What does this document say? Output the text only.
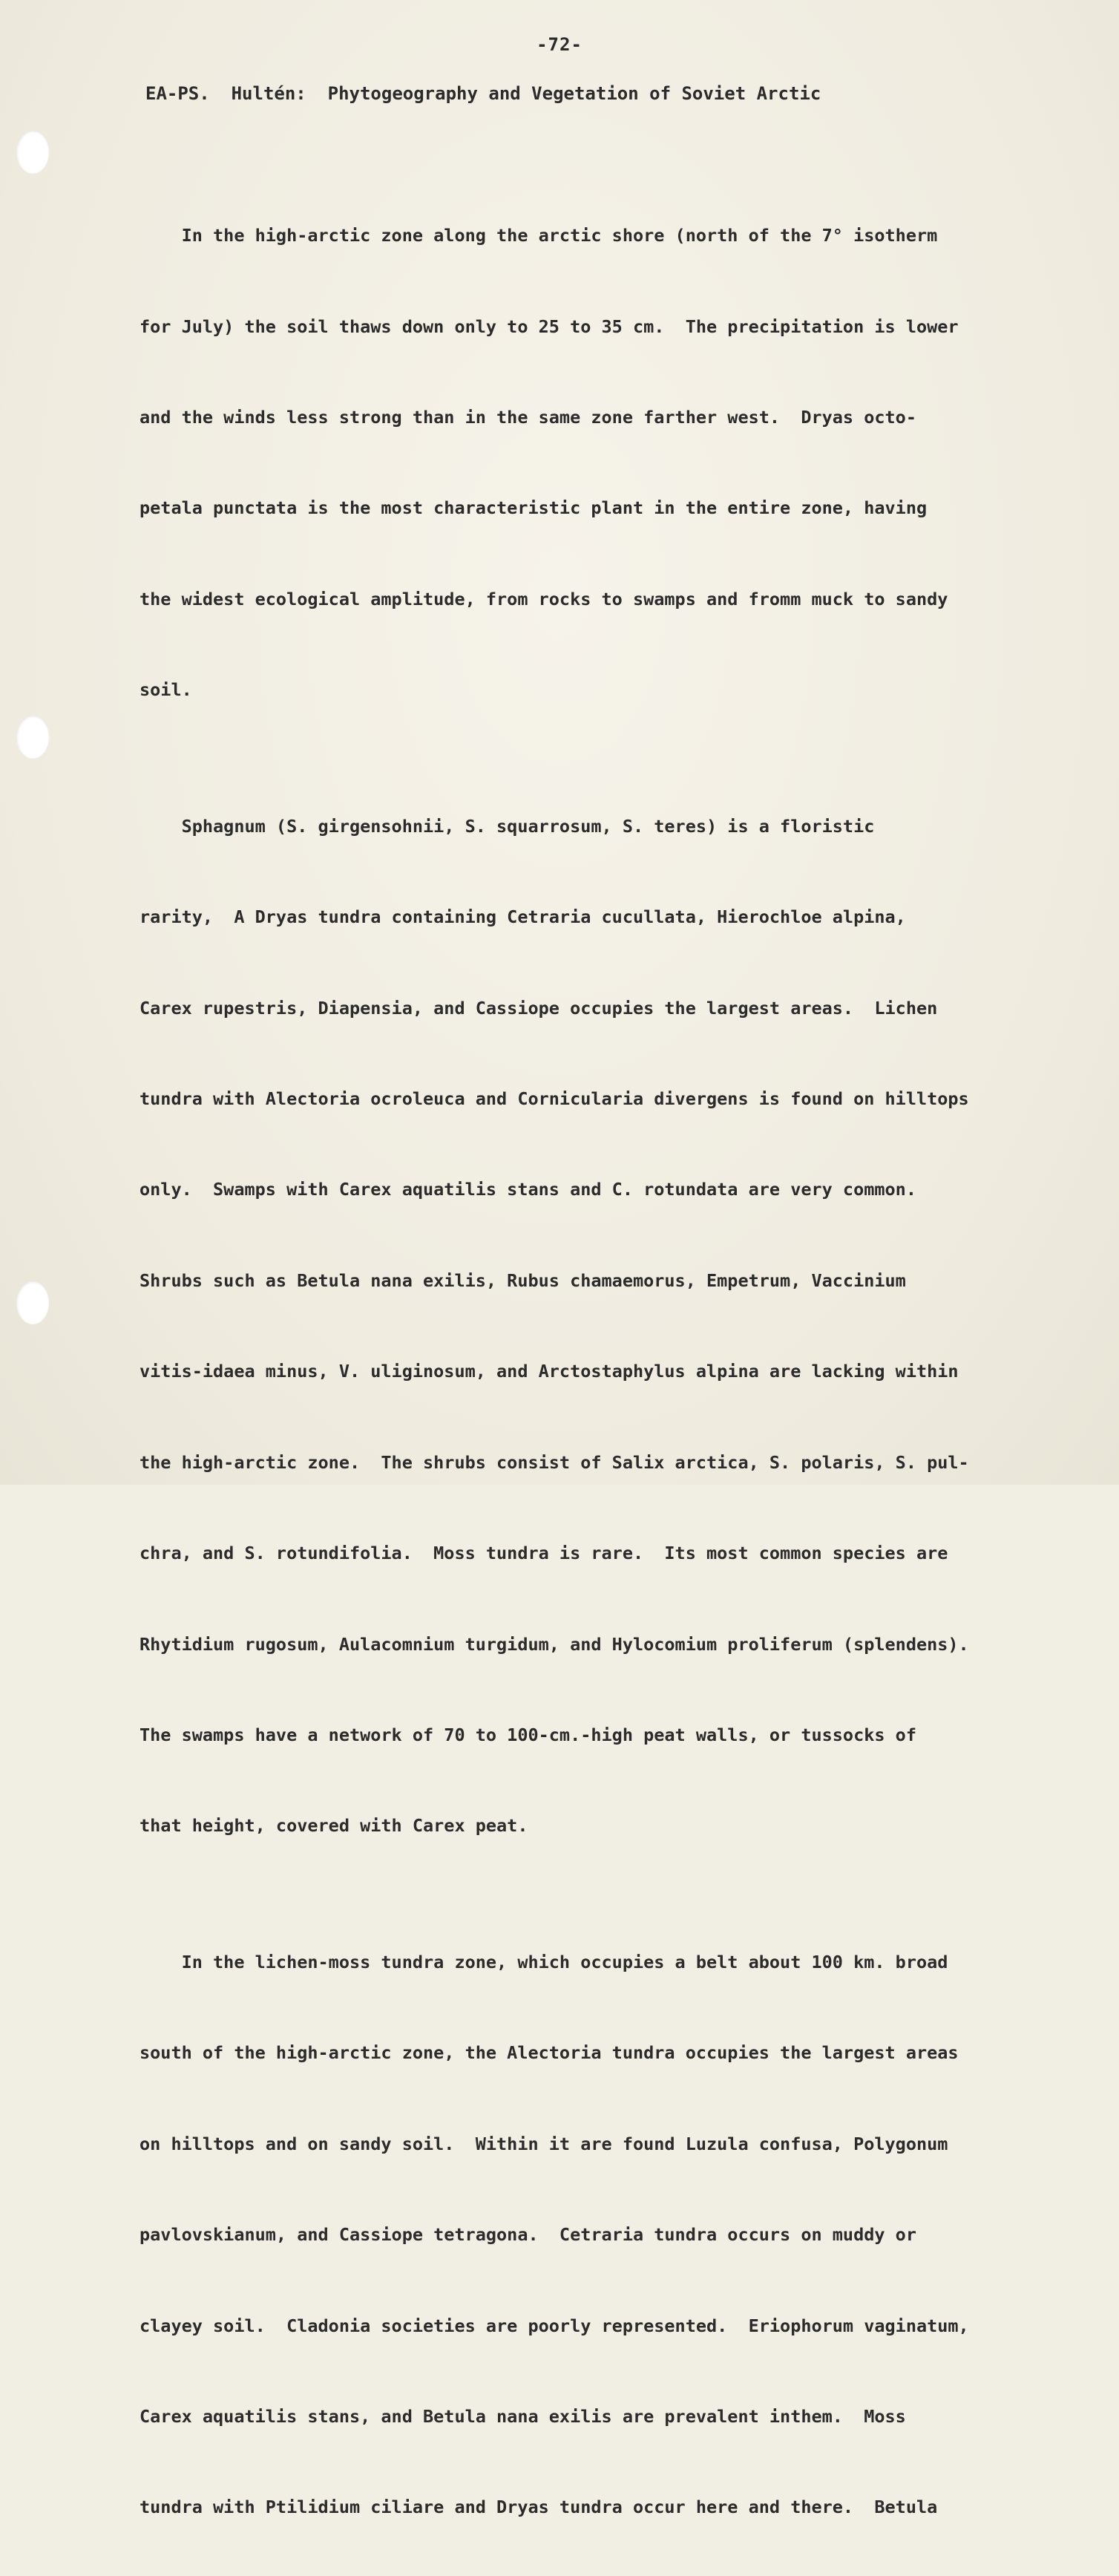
-72-
EA-PS.  Hultén:  Phytogeography and Vegetation of Soviet Arctic

In the high-arctic zone along the arctic shore (north of the 7° isotherm

for July) the soil thaws down only to 25 to 35 cm.  The precipitation is lower

and the winds less strong than in the same zone farther west.  Dryas octo-

petala punctata is the most characteristic plant in the entire zone, having

the widest ecological amplitude, from rocks to swamps and fromm muck to sandy

soil.

Sphagnum (S. girgensohnii, S. squarrosum, S. teres) is a floristic

rarity,  A Dryas tundra containing Cetraria cucullata, Hierochloe alpina,

Carex rupestris, Diapensia, and Cassiope occupies the largest areas.  Lichen

tundra with Alectoria ocroleuca and Cornicularia divergens is found on hilltops

only.  Swamps with Carex aquatilis stans and C. rotundata are very common.

Shrubs such as Betula nana exilis, Rubus chamaemorus, Empetrum, Vaccinium

vitis-idaea minus, V. uliginosum, and Arctostaphylus alpina are lacking within

the high-arctic zone.  The shrubs consist of Salix arctica, S. polaris, S. pul-

chra, and S. rotundifolia.  Moss tundra is rare.  Its most common species are

Rhytidium rugosum, Aulacomnium turgidum, and Hylocomium proliferum (splendens).

The swamps have a network of 70 to 100-cm.-high peat walls, or tussocks of

that height, covered with Carex peat.

In the lichen-moss tundra zone, which occupies a belt about 100 km. broad

south of the high-arctic zone, the Alectoria tundra occupies the largest areas

on hilltops and on sandy soil.  Within it are found Luzula confusa, Polygonum

pavlovskianum, and Cassiope tetragona.  Cetraria tundra occurs on muddy or

clayey soil.  Cladonia societies are poorly represented.  Eriophorum vaginatum,

Carex aquatilis stans, and Betula nana exilis are prevalent inthem.  Moss

tundra with Ptilidium ciliare and Dryas tundra occur here and there.  Betula
